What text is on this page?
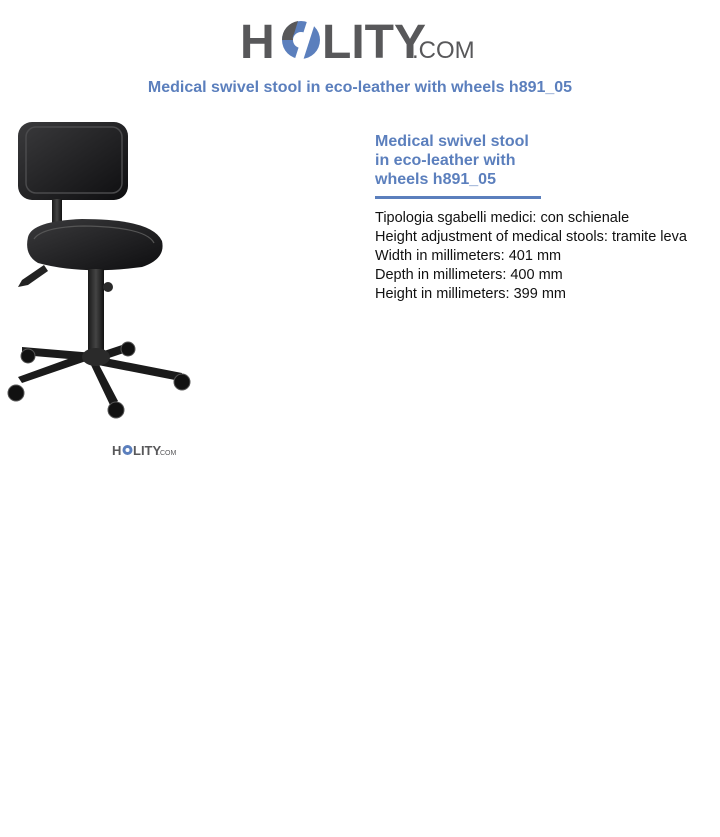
H LITY
.COM
Medical swivel stool in eco-leather with wheels h891_05
H LITY
.COM
Medical swivel stool
in eco-leather with
wheels h891_05
Tipologia sgabelli medici: con schienale
Height adjustment of medical stools: tramite leva
Width in millimeters: 401 mm
Depth in millimeters: 400 mm
Height in millimeters: 399 mm
